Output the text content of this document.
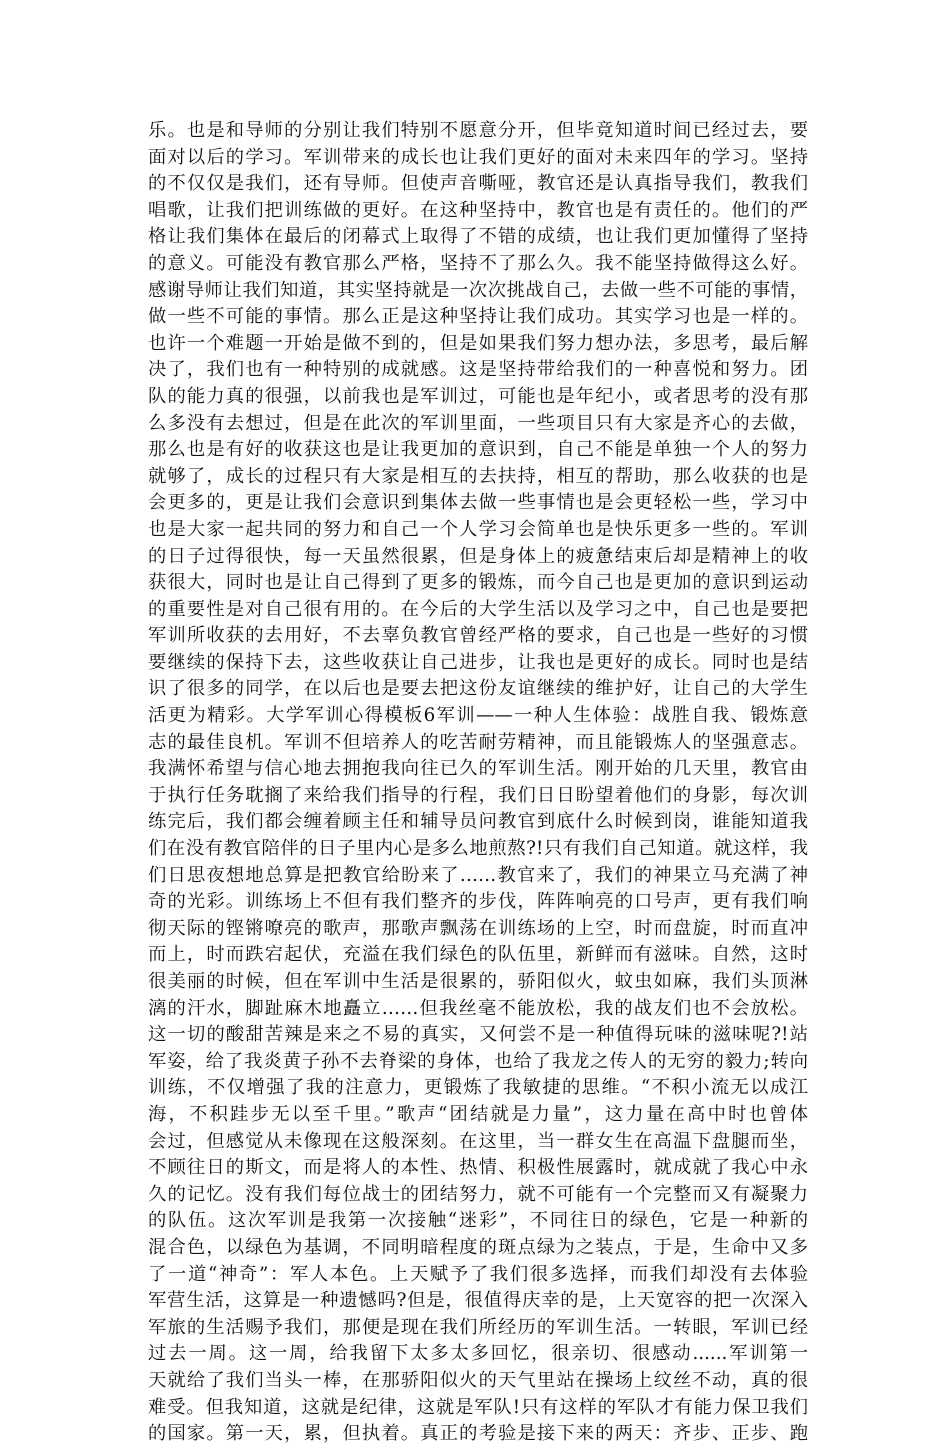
乐。也是和导师的分别让我们特别不愿意分开，但毕竟知道时间已经过去，要
面对以后的学习。军训带来的成长也让我们更好的面对未来四年的学习。坚持
的不仅仅是我们，还有导师。但使声音嘶哑，教官还是认真指导我们，教我们
唱歌，让我们把训练做的更好。在这种坚持中，教官也是有责任的。他们的严
格让我们集体在最后的闭幕式上取得了不错的成绩，也让我们更加懂得了坚持
的意义。可能没有教官那么严格，坚持不了那么久。我不能坚持做得这么好。
感谢导师让我们知道，其实坚持就是一次次挑战自己，去做一些不可能的事情，
做一些不可能的事情。那么正是这种坚持让我们成功。其实学习也是一样的。
也许一个难题一开始是做不到的，但是如果我们努力想办法，多思考，最后解
决了，我们也有一种特别的成就感。这是坚持带给我们的一种喜悦和努力。团
队的能力真的很强，以前我也是军训过，可能也是年纪小，或者思考的没有那
么多没有去想过，但是在此次的军训里面，一些项目只有大家是齐心的去做，
那么也是有好的收获这也是让我更加的意识到，自己不能是单独一个人的努力
就够了，成长的过程只有大家是相互的去扶持，相互的帮助，那么收获的也是
会更多的，更是让我们会意识到集体去做一些事情也是会更轻松一些，学习中
也是大家一起共同的努力和自己一个人学习会简单也是快乐更多一些的。军训
的日子过得很快，每一天虽然很累，但是身体上的疲惫结束后却是精神上的收
获很大，同时也是让自己得到了更多的锻炼，而今自己也是更加的意识到运动
的重要性是对自己很有用的。在今后的大学生活以及学习之中，自己也是要把
军训所收获的去用好，不去辜负教官曾经严格的要求，自己也是一些好的习惯
要继续的保持下去，这些收获让自己进步，让我也是更好的成长。同时也是结
识了很多的同学，在以后也是要去把这份友谊继续的维护好，让自己的大学生
活更为精彩。大学军训心得模板6军训——一种人生体验：战胜自我、锻炼意
志的最佳良机。军训不但培养人的吃苦耐劳精神，而且能锻炼人的坚强意志。
我满怀希望与信心地去拥抱我向往已久的军训生活。刚开始的几天里，教官由
于执行任务耽搁了来给我们指导的行程，我们日日盼望着他们的身影，每次训
练完后，我们都会缠着顾主任和辅导员问教官到底什么时候到岗，谁能知道我
们在没有教官陪伴的日子里内心是多么地煎熬?!只有我们自己知道。就这样，我
们日思夜想地总算是把教官给盼来了……教官来了，我们的神果立马充满了神
奇的光彩。训练场上不但有我们整齐的步伐，阵阵响亮的口号声，更有我们响
彻天际的铿锵嘹亮的歌声，那歌声飘荡在训练场的上空，时而盘旋，时而直冲
而上，时而跌宕起伏，充溢在我们绿色的队伍里，新鲜而有滋味。自然，这时
很美丽的时候，但在军训中生活是很累的，骄阳似火，蚊虫如麻，我们头顶淋
漓的汗水，脚趾麻木地矗立……但我丝毫不能放松，我的战友们也不会放松。
这一切的酸甜苦辣是来之不易的真实，又何尝不是一种值得玩味的滋味呢?!站
军姿，给了我炎黄子孙不去脊梁的身体，也给了我龙之传人的无穷的毅力;转向
训练，不仅增强了我的注意力，更锻炼了我敏捷的思维。“不积小流无以成江
海，不积跬步无以至千里。”歌声“团结就是力量”，这力量在高中时也曾体
会过，但感觉从未像现在这般深刻。在这里，当一群女生在高温下盘腿而坐，
不顾往日的斯文，而是将人的本性、热情、积极性展露时，就成就了我心中永
久的记忆。没有我们每位战士的团结努力，就不可能有一个完整而又有凝聚力
的队伍。这次军训是我第一次接触“迷彩”，不同往日的绿色，它是一种新的
混合色，以绿色为基调，不同明暗程度的斑点绿为之装点，于是，生命中又多
了一道“神奇”：军人本色。上天赋予了我们很多选择，而我们却没有去体验
军营生活，这算是一种遗憾吗?但是，很值得庆幸的是，上天宽容的把一次深入
军旅的生活赐予我们，那便是现在我们所经历的军训生活。一转眼，军训已经
过去一周。这一周，给我留下太多太多回忆，很亲切、很感动......军训第一
天就给了我们当头一棒，在那骄阳似火的天气里站在操场上纹丝不动，真的很
难受。但我知道，这就是纪律，这就是军队!只有这样的军队才有能力保卫我们
的国家。第一天，累，但执着。真正的考验是接下来的两天：齐步、正步、跑
